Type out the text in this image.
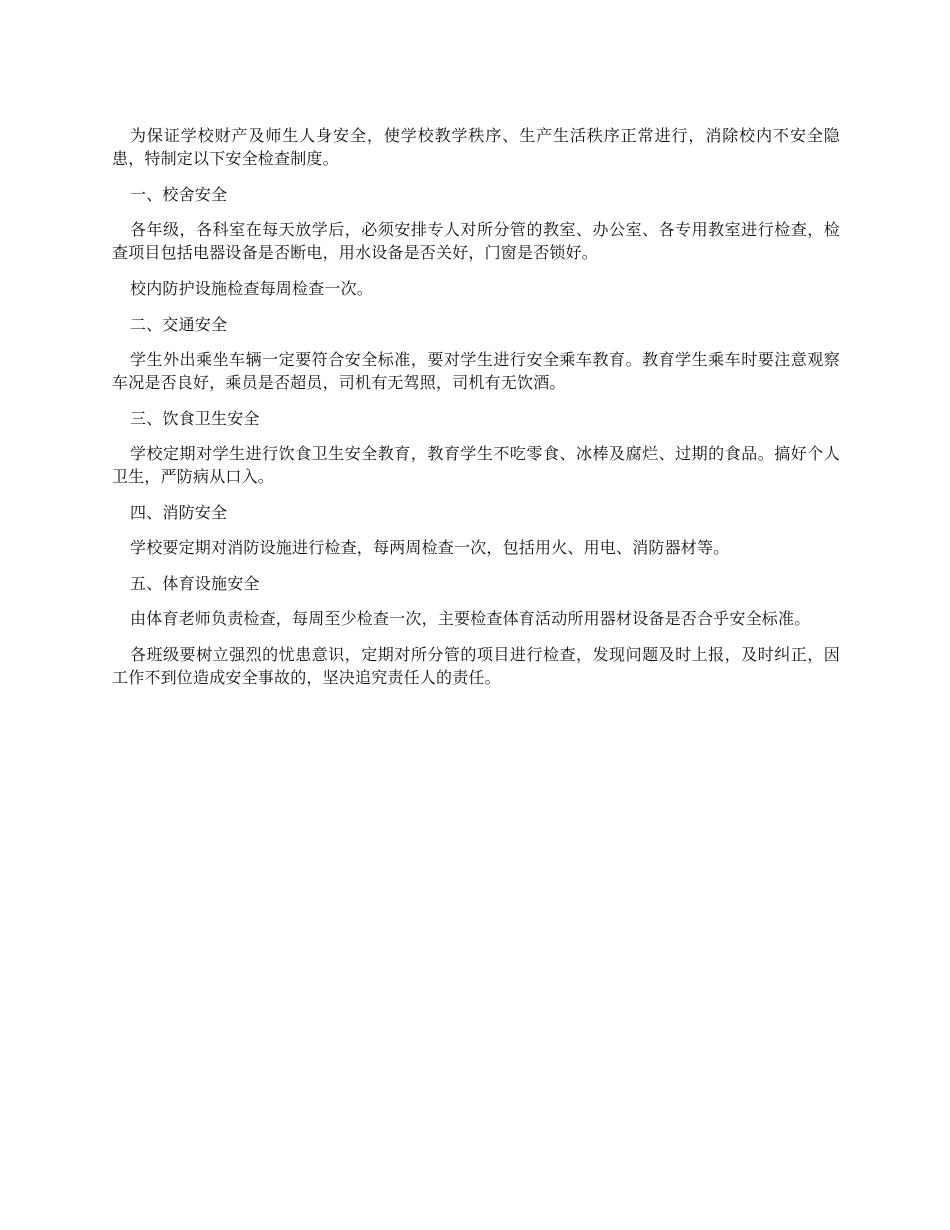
为保证学校财产及师生人身安全，使学校教学秩序、生产生活秩序正常进行，消除校内不安全隐患，特制定以下安全检查制度。

一、校舍安全

各年级，各科室在每天放学后，必须安排专人对所分管的教室、办公室、各专用教室进行检查，检查项目包括电器设备是否断电，用水设备是否关好，门窗是否锁好。

校内防护设施检查每周检查一次。

二、交通安全

学生外出乘坐车辆一定要符合安全标准，要对学生进行安全乘车教育。教育学生乘车时要注意观察车况是否良好，乘员是否超员，司机有无驾照，司机有无饮酒。

三、饮食卫生安全

学校定期对学生进行饮食卫生安全教育，教育学生不吃零食、冰棒及腐烂、过期的食品。搞好个人卫生，严防病从口入。

四、消防安全

学校要定期对消防设施进行检查，每两周检查一次，包括用火、用电、消防器材等。

五、体育设施安全

由体育老师负责检查，每周至少检查一次，主要检查体育活动所用器材设备是否合乎安全标准。

各班级要树立强烈的忧患意识，定期对所分管的项目进行检查，发现问题及时上报，及时纠正，因工作不到位造成安全事故的，坚决追究责任人的责任。
